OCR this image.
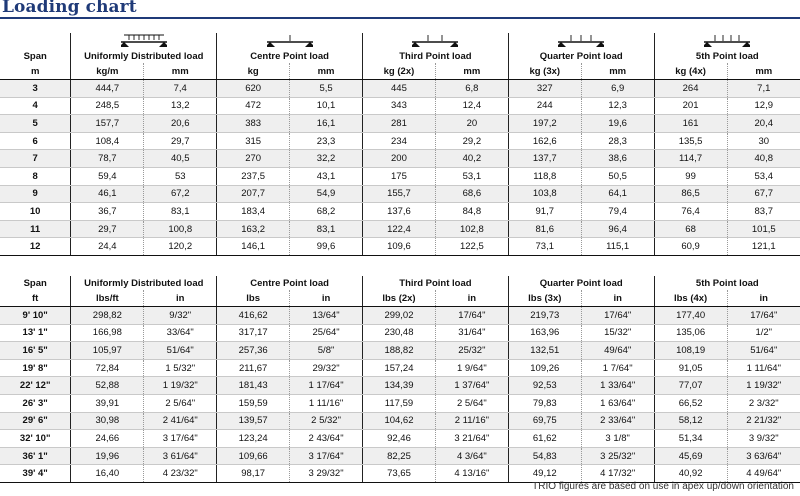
Loading chart

Span	Uniformly Distributed load		Centre Point load		Third Point load		Quarter Point load		5th Point load	
m	kg/m	mm	kg	mm	kg (2x)	mm	kg (3x)	mm	kg (4x)	mm
3	444,7	7,4	620	5,5	445	6,8	327	6,9	264	7,1
4	248,5	13,2	472	10,1	343	12,4	244	12,3	201	12,9
5	157,7	20,6	383	16,1	281	20	197,2	19,6	161	20,4
6	108,4	29,7	315	23,3	234	29,2	162,6	28,3	135,5	30
7	78,7	40,5	270	32,2	200	40,2	137,7	38,6	114,7	40,8
8	59,4	53	237,5	43,1	175	53,1	118,8	50,5	99	53,4
9	46,1	67,2	207,7	54,9	155,7	68,6	103,8	64,1	86,5	67,7
10	36,7	83,1	183,4	68,2	137,6	84,8	91,7	79,4	76,4	83,7
11	29,7	100,8	163,2	83,1	122,4	102,8	81,6	96,4	68	101,5
12	24,4	120,2	146,1	99,6	109,6	122,5	73,1	115,1	60,9	121,1
Span	Uniformly Distributed load		Centre Point load		Third Point load		Quarter Point load		5th Point load	
ft	lbs/ft	in	lbs	in	lbs (2x)	in	lbs (3x)	in	lbs (4x)	in
9' 10"	298,82	9/32"	416,62	13/64"	299,02	17/64"	219,73	17/64"	177,40	17/64"
13' 1"	166,98	33/64"	317,17	25/64"	230,48	31/64"	163,96	15/32"	135,06	1/2"
16' 5"	105,97	51/64"	257,36	5/8"	188,82	25/32"	132,51	49/64"	108,19	51/64"
19' 8"	72,84	1 5/32"	211,67	29/32"	157,24	1 9/64"	109,26	1 7/64"	91,05	1 11/64"
22' 12"	52,88	1 19/32"	181,43	1 17/64"	134,39	1 37/64"	92,53	1 33/64"	77,07	1 19/32"
26' 3"	39,91	2 5/64"	159,59	1 11/16"	117,59	2 5/64"	79,83	1 63/64"	66,52	2 3/32"
29' 6"	30,98	2 41/64"	139,57	2 5/32"	104,62	2 11/16"	69,75	2 33/64"	58,12	2 21/32"
32' 10"	24,66	3 17/64"	123,24	2 43/64"	92,46	3 21/64"	61,62	3 1/8"	51,34	3 9/32"
36' 1"	19,96	3 61/64"	109,66	3 17/64"	82,25	4 3/64"	54,83	3 25/32"	45,69	3 63/64"
39' 4"	16,40	4 23/32"	98,17	3 29/32"	73,65	4 13/16"	49,12	4 17/32"	40,92	4 49/64"
TRIO figures are based on use in apex up/down orientation
